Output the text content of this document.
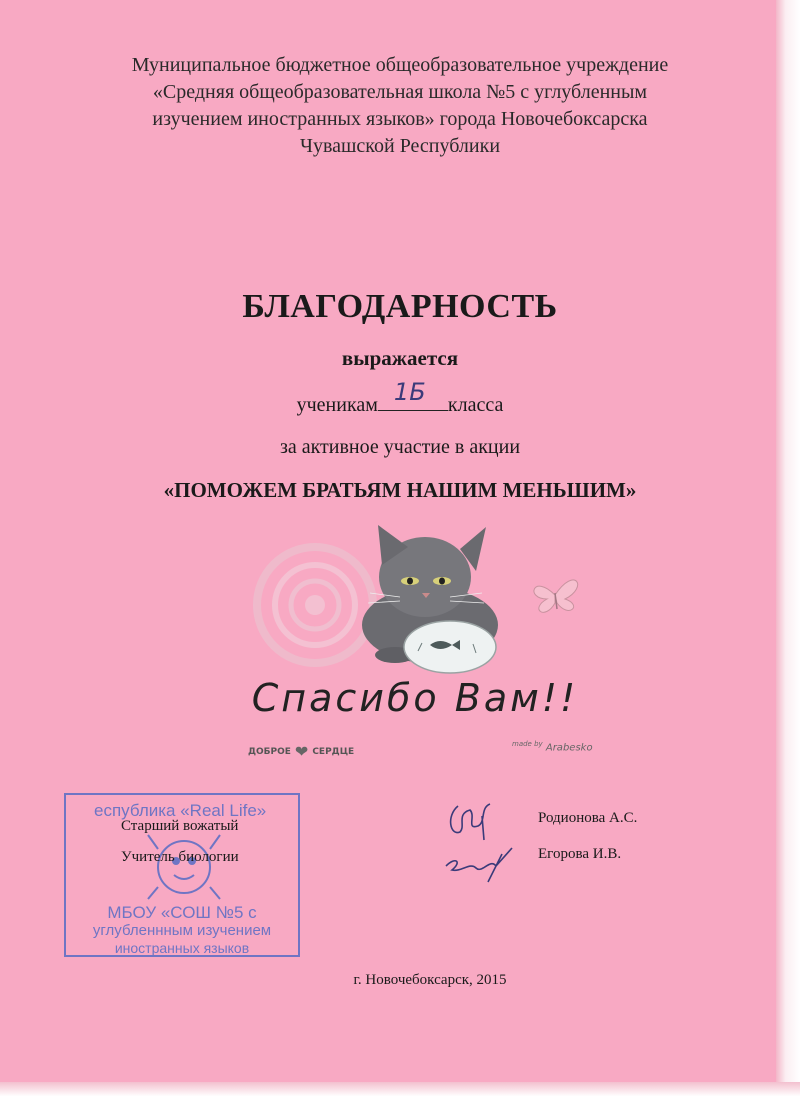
Муниципальное бюджетное общеобразовательное учреждение
«Средняя общеобразовательная школа №5 с углубленным
изучением иностранных языков» города Новочебоксарска
Чувашской Республики
БЛАГОДАРНОСТЬ
выражается
ученикам 1Б класса
за активное участие в акции
«ПОМОЖЕМ БРАТЬЯМ НАШИМ МЕНЬШИМ»
Спасибо Вам!!
ДОБРОЕ ❤ СЕРДЦЕ
$^{made by}$ Arabesko
еспублика «Real Life»
МБОУ «СОШ №5 с
углубленнным изучением
иностранных языков
Старший вожатый
Учитель биологии
Родионова А.С.
Егорова И.В.
г. Новочебоксарск, 2015
